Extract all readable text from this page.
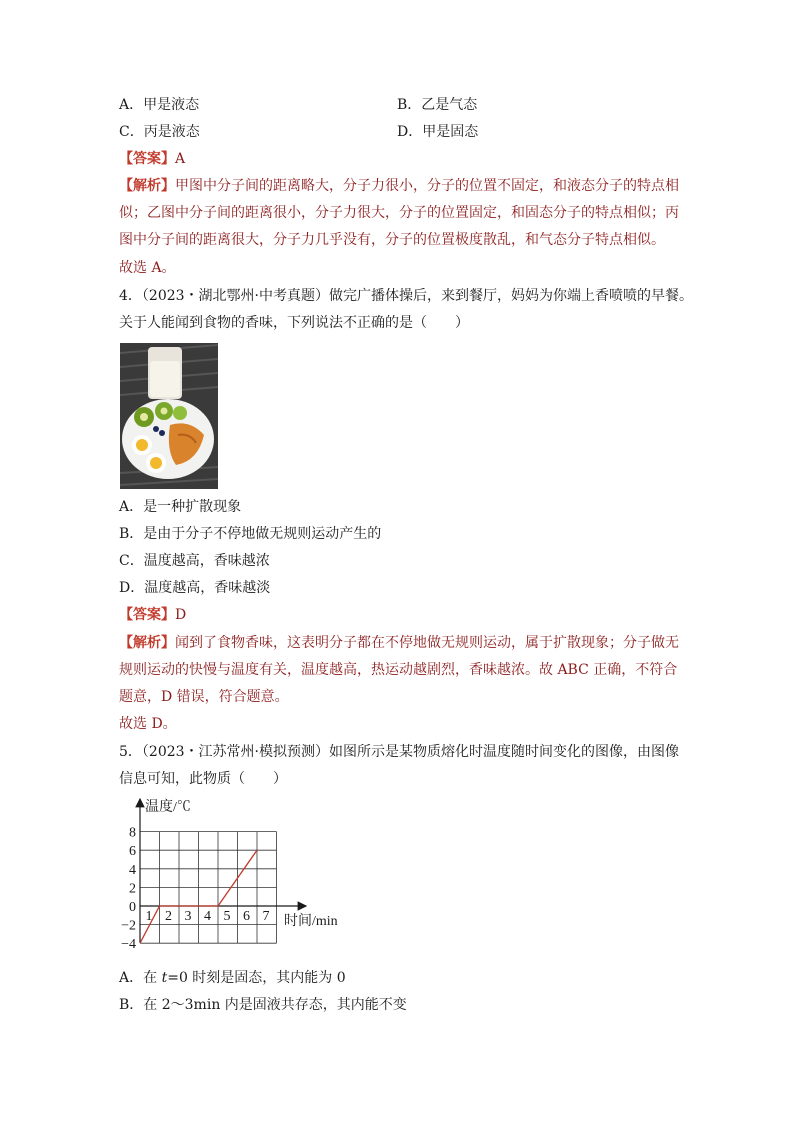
A．甲是液态	B．乙是气态
C．丙是液态	D．甲是固态
【答案】A
【解析】甲图中分子间的距离略大，分子力很小，分子的位置不固定，和液态分子的特点相
似；乙图中分子间的距离很小，分子力很大，分子的位置固定，和固态分子的特点相似；丙
图中分子间的距离很大，分子力几乎没有，分子的位置极度散乱，和气态分子特点相似。
故选 A。
4．（2023・湖北鄂州·中考真题）做完广播体操后，来到餐厅，妈妈为你端上香喷喷的早餐。
关于人能闻到食物的香味，下列说法不正确的是（　　）
A．是一种扩散现象
B．是由于分子不停地做无规则运动产生的
C．温度越高，香味越浓
D．温度越高，香味越淡
【答案】D
【解析】闻到了食物香味，这表明分子都在不停地做无规则运动，属于扩散现象；分子做无
规则运动的快慢与温度有关，温度越高，热运动越剧烈，香味越浓。故 ABC 正确，不符合
题意，D 错误，符合题意。
故选 D。
5．（2023・江苏常州·模拟预测）如图所示是某物质熔化时温度随时间变化的图像，由图像
信息可知，此物质（　　）
1 2 3 4 5 6 7
8
6
4
2
0
−2
−4
温度/℃
时间/min
A．在 t=0 时刻是固态，其内能为 0
B．在 2～3min 内是固液共存态，其内能不变
